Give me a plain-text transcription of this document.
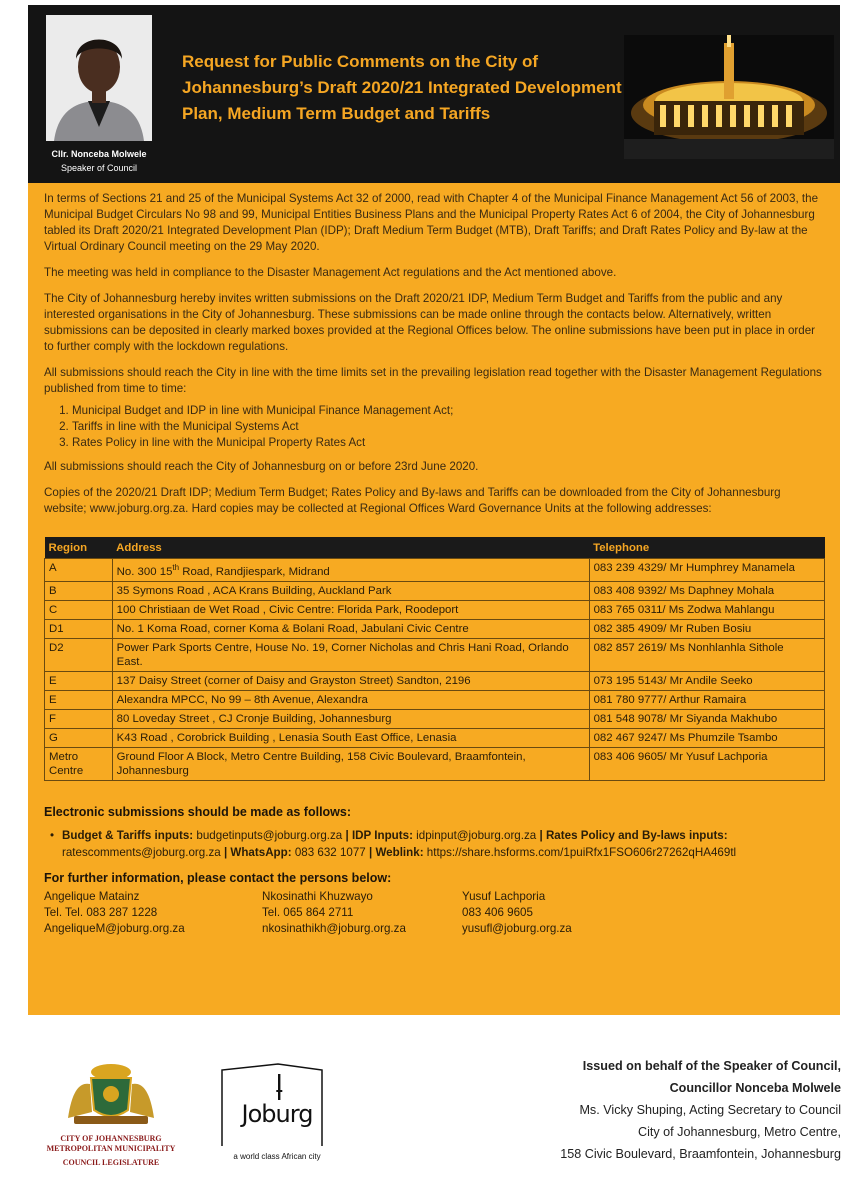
Cllr. Nonceba Molwele
Speaker of Council
Request for Public Comments on the City of Johannesburg’s Draft 2020/21 Integrated Development Plan, Medium Term Budget and Tariffs

In terms of Sections 21 and 25 of the Municipal Systems Act 32 of 2000, read with Chapter 4 of the Municipal Finance Management Act 56 of 2003, the Municipal Budget Circulars No 98 and 99, Municipal Entities Business Plans and the Municipal Property Rates Act 6 of 2004, the City of Johannesburg tabled its Draft 2020/21 Integrated Development Plan (IDP); Draft Medium Term Budget (MTB), Draft Tariffs; and Draft Rates Policy and By-law at the Virtual Ordinary Council meeting on the 29 May 2020.

The meeting was held in compliance to the Disaster Management Act regulations and the Act mentioned above.

The City of Johannesburg hereby invites written submissions on the Draft 2020/21 IDP, Medium Term Budget and Tariffs from the public and any interested organisations in the City of Johannesburg. These submissions can be made online through the contacts below. Alternatively, written submissions can be deposited in clearly marked boxes provided at the Regional Offices below. The online submissions have been put in place in order to further comply with the lockdown regulations.

All submissions should reach the City in line with the time limits set in the prevailing legislation read together with the Disaster Management Regulations published from time to time:

1. Municipal Budget and IDP in line with Municipal Finance Management Act;
2. Tariffs in line with the Municipal Systems Act
3. Rates Policy in line with the Municipal Property Rates Act

All submissions should reach the City of Johannesburg on or before 23rd June 2020.

Copies of the 2020/21 Draft IDP; Medium Term Budget; Rates Policy and By-laws and Tariffs can be downloaded from the City of Johannesburg website; www.joburg.org.za. Hard copies may be collected at Regional Offices Ward Governance Units at the following addresses:

Region	Address	Telephone
A	No. 300 15th Road, Randjiespark, Midrand	083 239 4329/ Mr Humphrey Manamela
B	35 Symons Road , ACA Krans Building, Auckland Park	083 408 9392/ Ms Daphney Mohala
C	100 Christiaan de Wet Road , Civic Centre: Florida Park, Roodeport	083 765 0311/ Ms Zodwa Mahlangu
D1	No. 1 Koma Road, corner Koma & Bolani Road, Jabulani Civic Centre	082 385 4909/ Mr Ruben Bosiu
D2	Power Park Sports Centre, House No. 19, Corner Nicholas and Chris Hani Road, Orlando East.	082 857 2619/ Ms Nonhlanhla Sithole
E	137 Daisy Street (corner of Daisy and Grayston Street) Sandton, 2196	073 195 5143/ Mr Andile Seeko
E	Alexandra MPCC, No 99 – 8th Avenue, Alexandra	081 780 9777/ Arthur Ramaira
F	80 Loveday Street , CJ Cronje Building, Johannesburg	081 548 9078/ Mr Siyanda Makhubo
G	K43 Road , Corobrick Building , Lenasia South East Office, Lenasia	082 467 9247/ Ms Phumzile Tsambo
Metro Centre	Ground Floor A Block, Metro Centre Building, 158 Civic Boulevard, Braamfontein, Johannesburg	083 406 9605/ Mr Yusuf Lachporia
Electronic submissions should be made as follows:
• Budget & Tariffs inputs: budgetinputs@joburg.org.za | IDP Inputs: idpinput@joburg.org.za | Rates Policy and By-laws inputs: ratescomments@joburg.org.za | WhatsApp: 083 632 1077 | Weblink: https://share.hsforms.com/1puiRfx1FSO606r27262qHA469tl
For further information, please contact the persons below:
Angelique Matainz
Tel. Tel. 083 287 1228
AngeliqueM@joburg.org.za
Nkosinathi Khuzwayo
Tel. 065 864 2711
nkosinathikh@joburg.org.za
Yusuf Lachporia
083 406 9605
yusufl@joburg.org.za
CITY OF JOHANNESBURG
METROPOLITAN MUNICIPALITY
COUNCIL LEGISLATURE
Joburg
a world class African city
Issued on behalf of the Speaker of Council,
Councillor Nonceba Molwele
Ms. Vicky Shuping, Acting Secretary to Council
City of Johannesburg, Metro Centre,
158 Civic Boulevard, Braamfontein, Johannesburg
